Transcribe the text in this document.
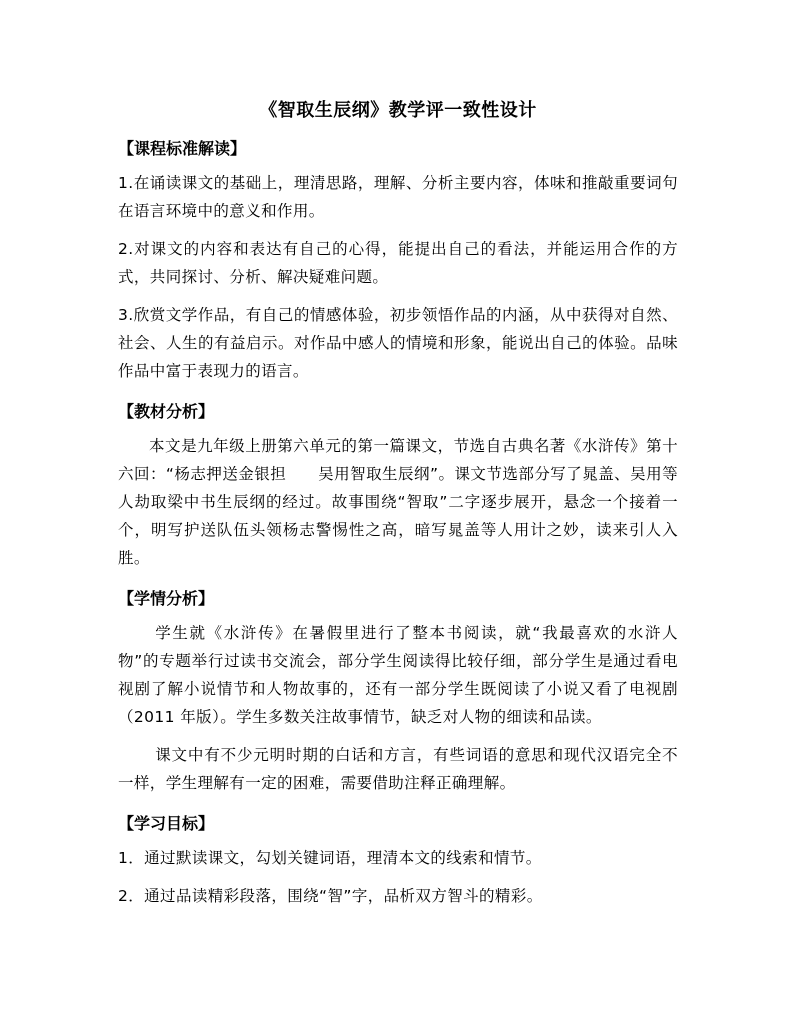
《智取生辰纲》教学评一致性设计
【课程标准解读】

1.在诵读课文的基础上，理清思路，理解、分析主要内容，体味和推敲重要词句在语言环境中的意义和作用。

2.对课文的内容和表达有自己的心得，能提出自己的看法，并能运用合作的方式，共同探讨、分析、解决疑难问题。

3.欣赏文学作品，有自己的情感体验，初步领悟作品的内涵，从中获得对自然、社会、人生的有益启示。对作品中感人的情境和形象，能说出自己的体验。品味作品中富于表现力的语言。

【教材分析】

本文是九年级上册第六单元的第一篇课文，节选自古典名著《水浒传》第十六回：“杨志押送金银担　　吴用智取生辰纲”。课文节选部分写了晁盖、吴用等人劫取梁中书生辰纲的经过。故事围绕“智取”二字逐步展开，悬念一个接着一个，明写护送队伍头领杨志警惕性之高，暗写晁盖等人用计之妙，读来引人入胜。

【学情分析】

学生就《水浒传》在暑假里进行了整本书阅读，就“我最喜欢的水浒人物”的专题举行过读书交流会，部分学生阅读得比较仔细，部分学生是通过看电视剧了解小说情节和人物故事的，还有一部分学生既阅读了小说又看了电视剧（2011 年版）。学生多数关注故事情节，缺乏对人物的细读和品读。

课文中有不少元明时期的白话和方言，有些词语的意思和现代汉语完全不一样，学生理解有一定的困难，需要借助注释正确理解。

【学习目标】

1．通过默读课文，勾划关键词语，理清本文的线索和情节。

2．通过品读精彩段落，围绕“智”字，品析双方智斗的精彩。
